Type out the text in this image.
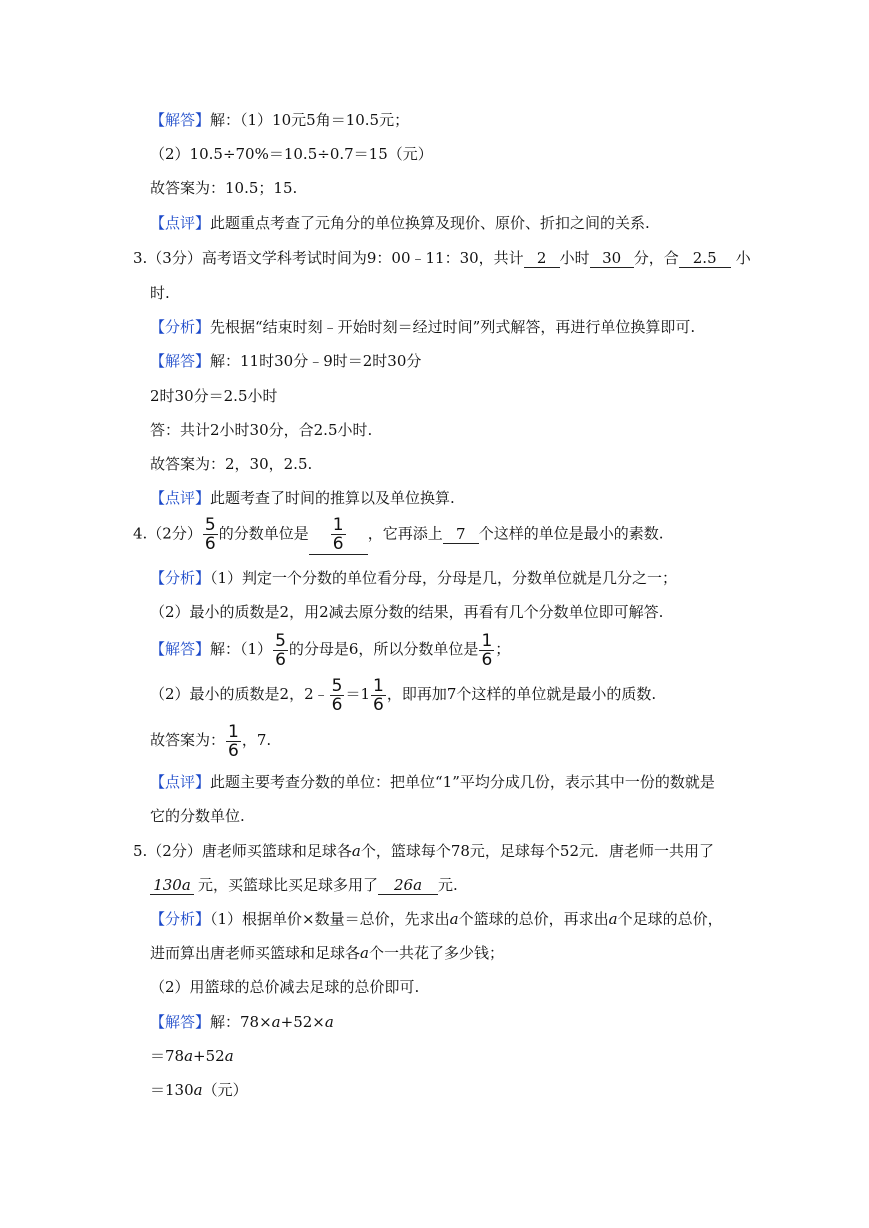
【解答】解：（1）10元5角＝10.5元；
（2）10.5÷70%＝10.5÷0.7＝15（元）
故答案为：10.5；15.
【点评】此题重点考查了元角分的单位换算及现价、原价、折扣之间的关系.
3.（3分）高考语文学科考试时间为9：00﹣11：30，共计 2 小时 30 分，合 2.5 小
时.
【分析】先根据“结束时刻﹣开始时刻＝经过时间”列式解答，再进行单位换算即可.
【解答】解：11时30分﹣9时＝2时30分
2时30分＝2.5小时
答：共计2小时30分，合2.5小时.
故答案为：2，30，2.5.
【点评】此题考查了时间的推算以及单位换算.
4.（2分） $\frac{5}{6}$ 的分数单位是 $\frac{1}{6}$ ，它再添上 7 个这样的单位是最小的素数.
【分析】（1）判定一个分数的单位看分母，分母是几，分数单位就是几分之一；
（2）最小的质数是2，用2减去原分数的结果，再看有几个分数单位即可解答.
【解答】解：$(1) \frac{5}{6}$ 的分母是6，所以分数单位是 $\frac{1}{6}$ ；
（2）最小的质数是2，2﹣ $\frac{5}{6} =1 \frac{1}{6}$ ，即再加7个这样的单位就是最小的质数.
故答案为： $\frac{1}{6}$ ，7.
【点评】此题主要考查分数的单位：把单位“1”平均分成几份，表示其中一份的数就是
它的分数单位.
5.（2分）唐老师买篮球和足球各a个，篮球每个78元，足球每个52元．唐老师一共用了
130a 元，买篮球比买足球多用了 26a 元.
【分析】（1）根据单价×数量＝总价，先求出a个篮球的总价，再求出a个足球的总价，
进而算出唐老师买篮球和足球各a个一共花了多少钱；
（2）用篮球的总价减去足球的总价即可.
【解答】解：78×a+52×a
＝78a+52a
＝130a（元）
